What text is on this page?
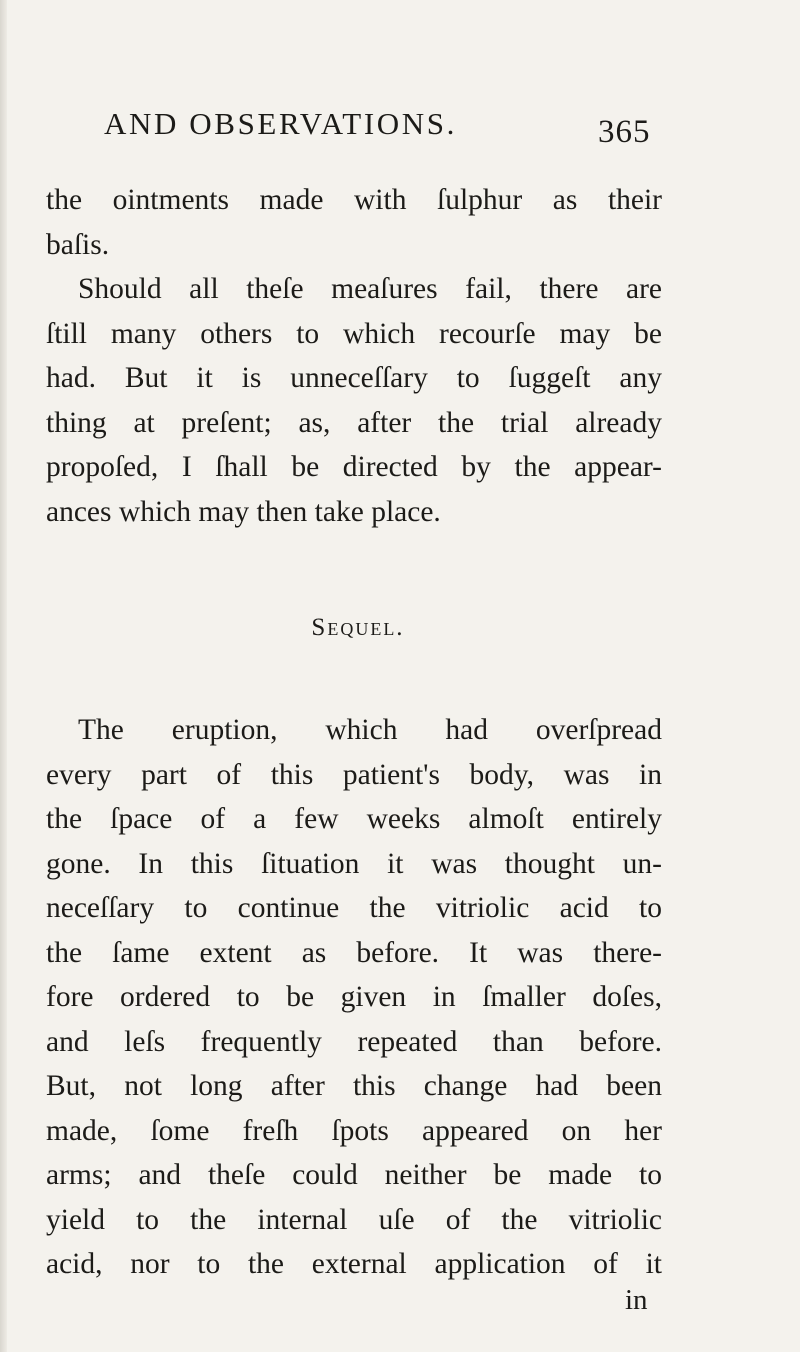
AND OBSERVATIONS.	365
the ointments made with ſulphur as their
baſis.
Should all theſe meaſures fail, there are
ſtill many others to which recourſe may be
had. But it is unneceſſary to ſuggeſt any
thing at preſent; as, after the trial already
propoſed, I ſhall be directed by the appear-
ances which may then take place.
Sequel.
The eruption, which had overſpread
every part of this patient's body, was in
the ſpace of a few weeks almoſt entirely
gone. In this ſituation it was thought un-
neceſſary to continue the vitriolic acid to
the ſame extent as before. It was there-
fore ordered to be given in ſmaller doſes,
and leſs frequently repeated than before.
But, not long after this change had been
made, ſome freſh ſpots appeared on her
arms; and theſe could neither be made to
yield to the internal uſe of the vitriolic
acid, nor to the external application of it
in
